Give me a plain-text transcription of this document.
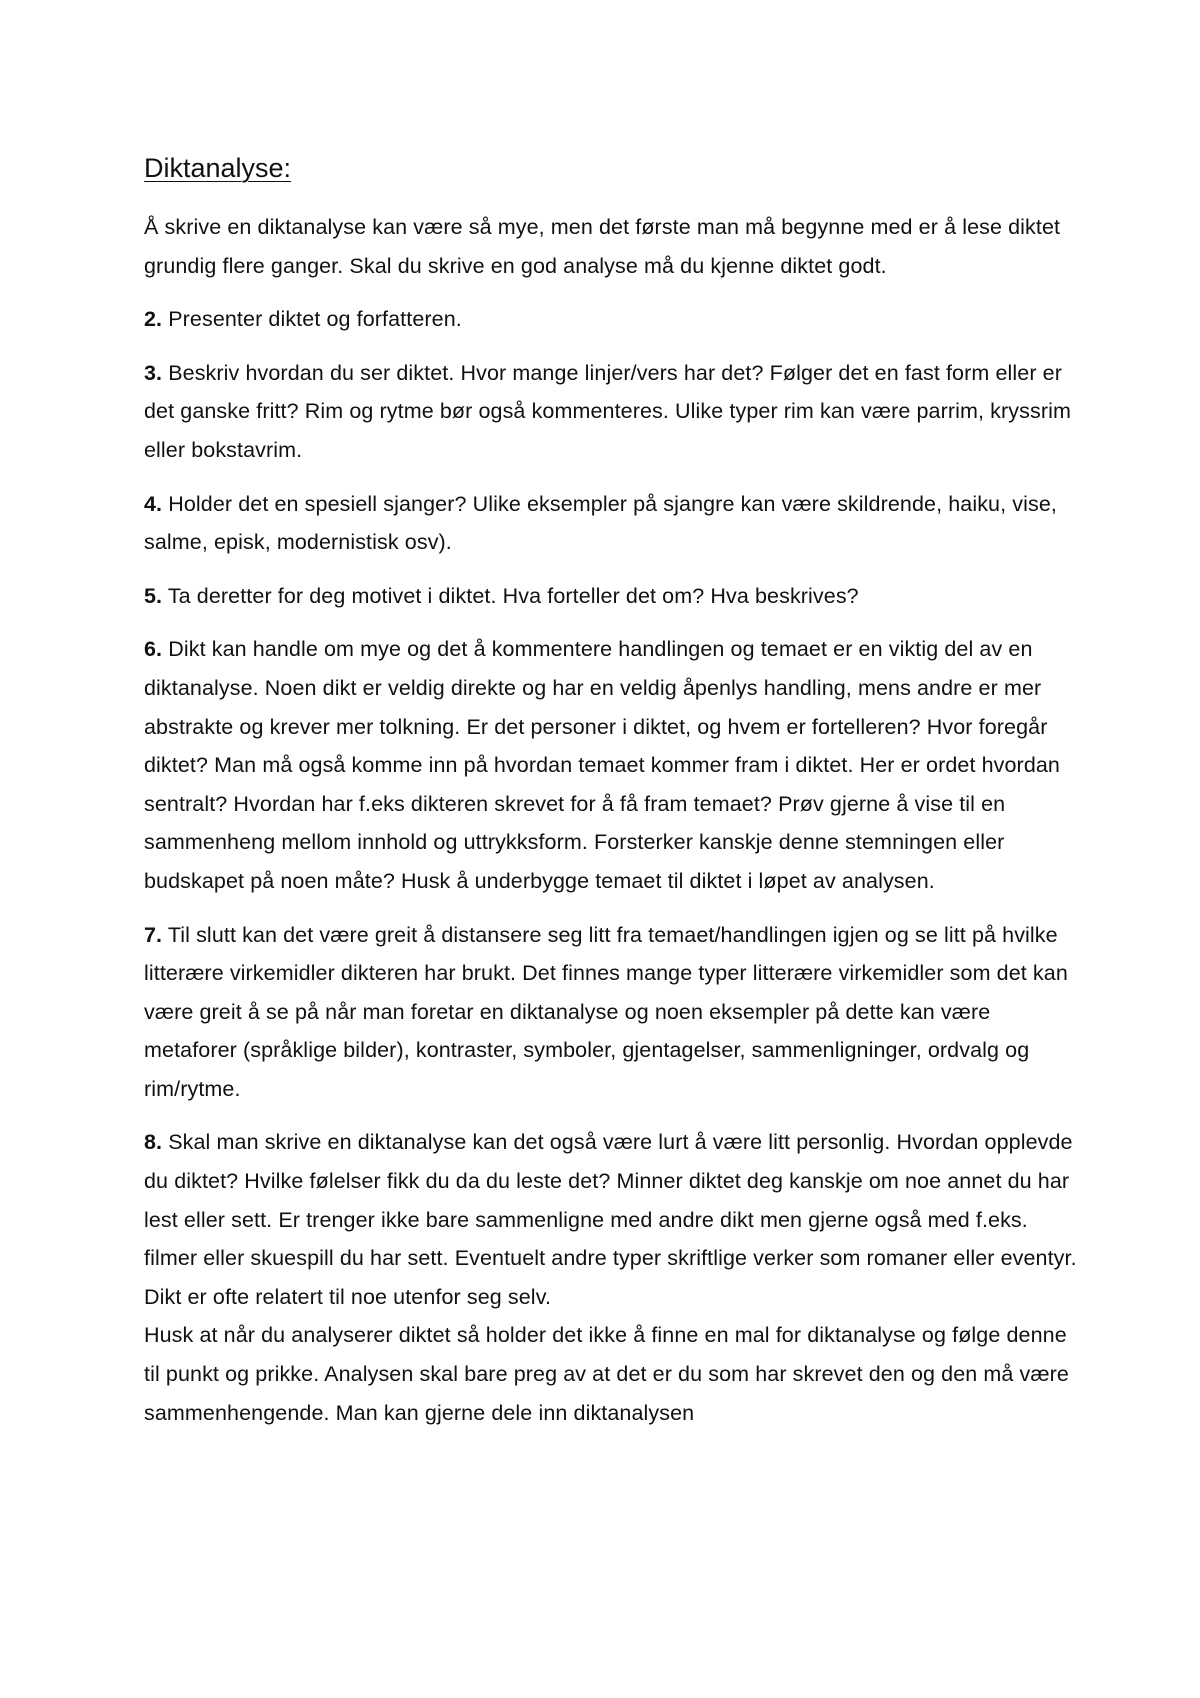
Diktanalyse:

Å skrive en diktanalyse kan være så mye, men det første man må begynne med er å lese diktet grundig flere ganger. Skal du skrive en god analyse må du kjenne diktet godt.

2. Presenter diktet og forfatteren.

3. Beskriv hvordan du ser diktet. Hvor mange linjer/vers har det? Følger det en fast form eller er det ganske fritt? Rim og rytme bør også kommenteres. Ulike typer rim kan være parrim, kryssrim eller bokstavrim.

4. Holder det en spesiell sjanger? Ulike eksempler på sjangre kan være skildrende, haiku, vise, salme, episk, modernistisk osv).

5. Ta deretter for deg motivet i diktet. Hva forteller det om? Hva beskrives?

6. Dikt kan handle om mye og det å kommentere handlingen og temaet er en viktig del av en diktanalyse. Noen dikt er veldig direkte og har en veldig åpenlys handling, mens andre er mer abstrakte og krever mer tolkning. Er det personer i diktet, og hvem er fortelleren? Hvor foregår diktet? Man må også komme inn på hvordan temaet kommer fram i diktet. Her er ordet hvordan sentralt? Hvordan har f.eks dikteren skrevet for å få fram temaet? Prøv gjerne å vise til en sammenheng mellom innhold og uttrykksform. Forsterker kanskje denne stemningen eller budskapet på noen måte? Husk å underbygge temaet til diktet i løpet av analysen.

7. Til slutt kan det være greit å distansere seg litt fra temaet/handlingen igjen og se litt på hvilke litterære virkemidler dikteren har brukt. Det finnes mange typer litterære virkemidler som det kan være greit å se på når man foretar en diktanalyse og noen eksempler på dette kan være metaforer (språklige bilder), kontraster, symboler, gjentagelser, sammenligninger, ordvalg og rim/rytme.

8. Skal man skrive en diktanalyse kan det også være lurt å være litt personlig. Hvordan opplevde du diktet? Hvilke følelser fikk du da du leste det? Minner diktet deg kanskje om noe annet du har lest eller sett. Er trenger ikke bare sammenligne med andre dikt men gjerne også med f.eks. filmer eller skuespill du har sett. Eventuelt andre typer skriftlige verker som romaner eller eventyr. Dikt er ofte relatert til noe utenfor seg selv.

Husk at når du analyserer diktet så holder det ikke å finne en mal for diktanalyse og følge denne til punkt og prikke. Analysen skal bare preg av at det er du som har skrevet den og den må være sammenhengende. Man kan gjerne dele inn diktanalysen
